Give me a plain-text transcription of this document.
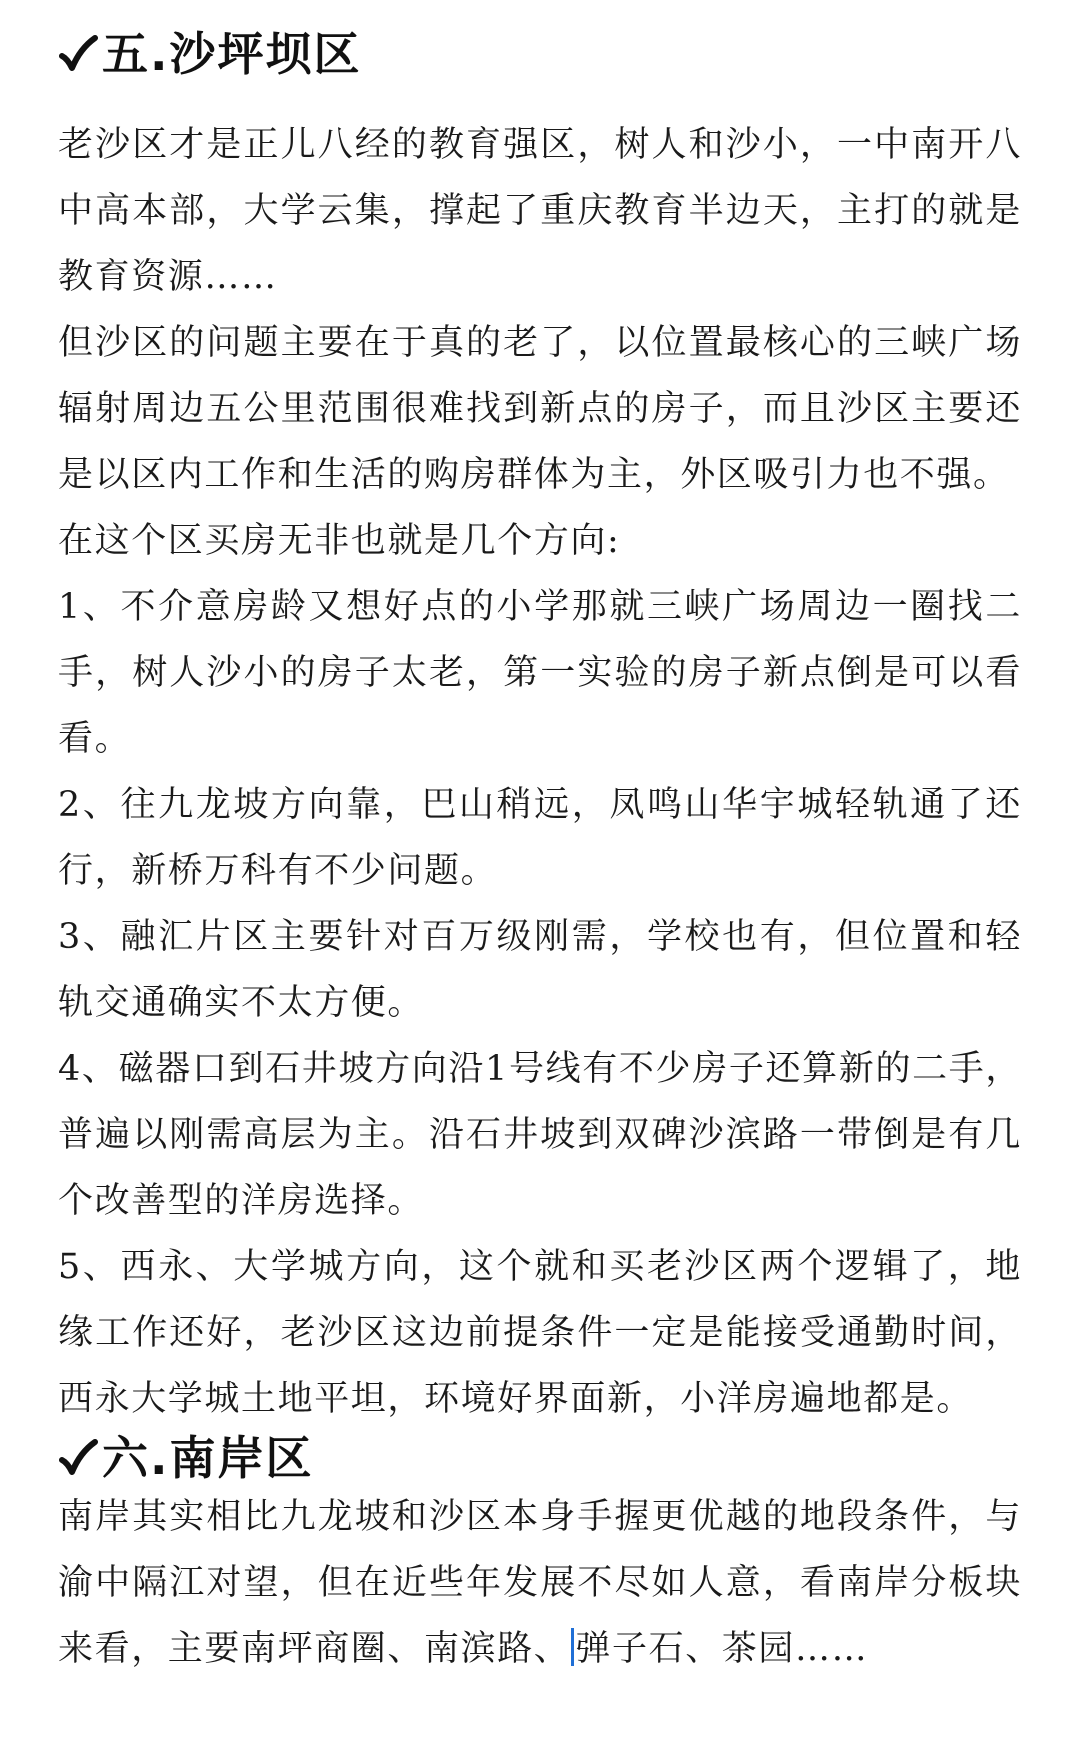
五.沙坪坝区

老沙区才是正儿八经的教育强区，树人和沙小，一中南开八中高本部，大学云集，撑起了重庆教育半边天，主打的就是教育资源……

但沙区的问题主要在于真的老了，以位置最核心的三峡广场辐射周边五公里范围很难找到新点的房子，而且沙区主要还是以区内工作和生活的购房群体为主，外区吸引力也不强。

在这个区买房无非也就是几个方向:

1、不介意房龄又想好点的小学那就三峡广场周边一圈找二手，树人沙小的房子太老，第一实验的房子新点倒是可以看看。

2、往九龙坡方向靠，巴山稍远，凤鸣山华宇城轻轨通了还行，新桥万科有不少问题。

3、融汇片区主要针对百万级刚需，学校也有，但位置和轻轨交通确实不太方便。

4、磁器口到石井坡方向沿1号线有不少房子还算新的二手，普遍以刚需高层为主。沿石井坡到双碑沙滨路一带倒是有几个改善型的洋房选择。

5、西永、大学城方向，这个就和买老沙区两个逻辑了，地缘工作还好，老沙区这边前提条件一定是能接受通勤时间，西永大学城土地平坦，环境好界面新，小洋房遍地都是。

六.南岸区

南岸其实相比九龙坡和沙区本身手握更优越的地段条件，与渝中隔江对望，但在近些年发展不尽如人意，看南岸分板块来看，主要南坪商圈、南滨路、 弹子石、茶园……
